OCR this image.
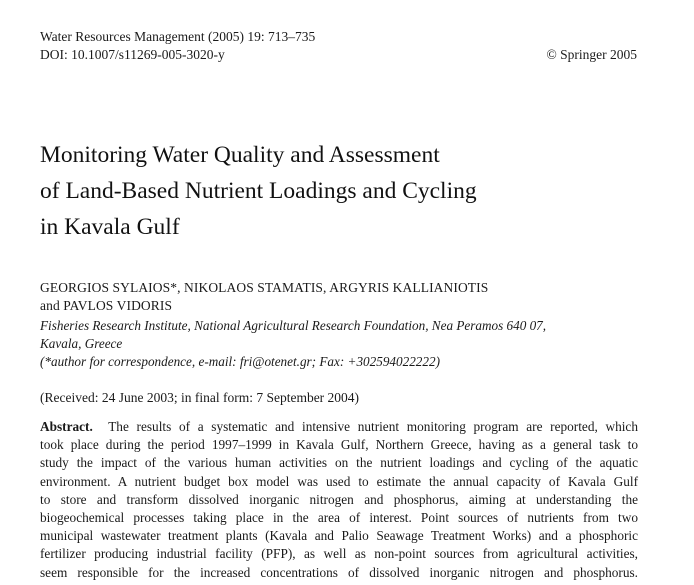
Water Resources Management (2005) 19: 713–735
DOI: 10.1007/s11269-005-3020-y	© Springer 2005
Monitoring Water Quality and Assessment
of Land-Based Nutrient Loadings and Cycling
in Kavala Gulf
GEORGIOS SYLAIOS*, NIKOLAOS STAMATIS, ARGYRIS KALLIANIOTIS
and PAVLOS VIDORIS
Fisheries Research Institute, National Agricultural Research Foundation, Nea Peramos 640 07,
Kavala, Greece
(*author for correspondence, e-mail: fri@otenet.gr; Fax: +302594022222)
(Received: 24 June 2003; in final form: 7 September 2004)
Abstract. The results of a systematic and intensive nutrient monitoring program are reported, which
took place during the period 1997–1999 in Kavala Gulf, Northern Greece, having as a general task to
study the impact of the various human activities on the nutrient loadings and cycling of the aquatic
environment. A nutrient budget box model was used to estimate the annual capacity of Kavala Gulf
to store and transform dissolved inorganic nitrogen and phosphorus, aiming at understanding the
biogeochemical processes taking place in the area of interest. Point sources of nutrients from two
municipal wastewater treatment plants (Kavala and Palio Seawage Treatment Works) and a phosphoric
fertilizer producing industrial facility (PFP), as well as non-point sources from agricultural activities,
seem responsible for the increased concentrations of dissolved inorganic nitrogen and phosphorus.
